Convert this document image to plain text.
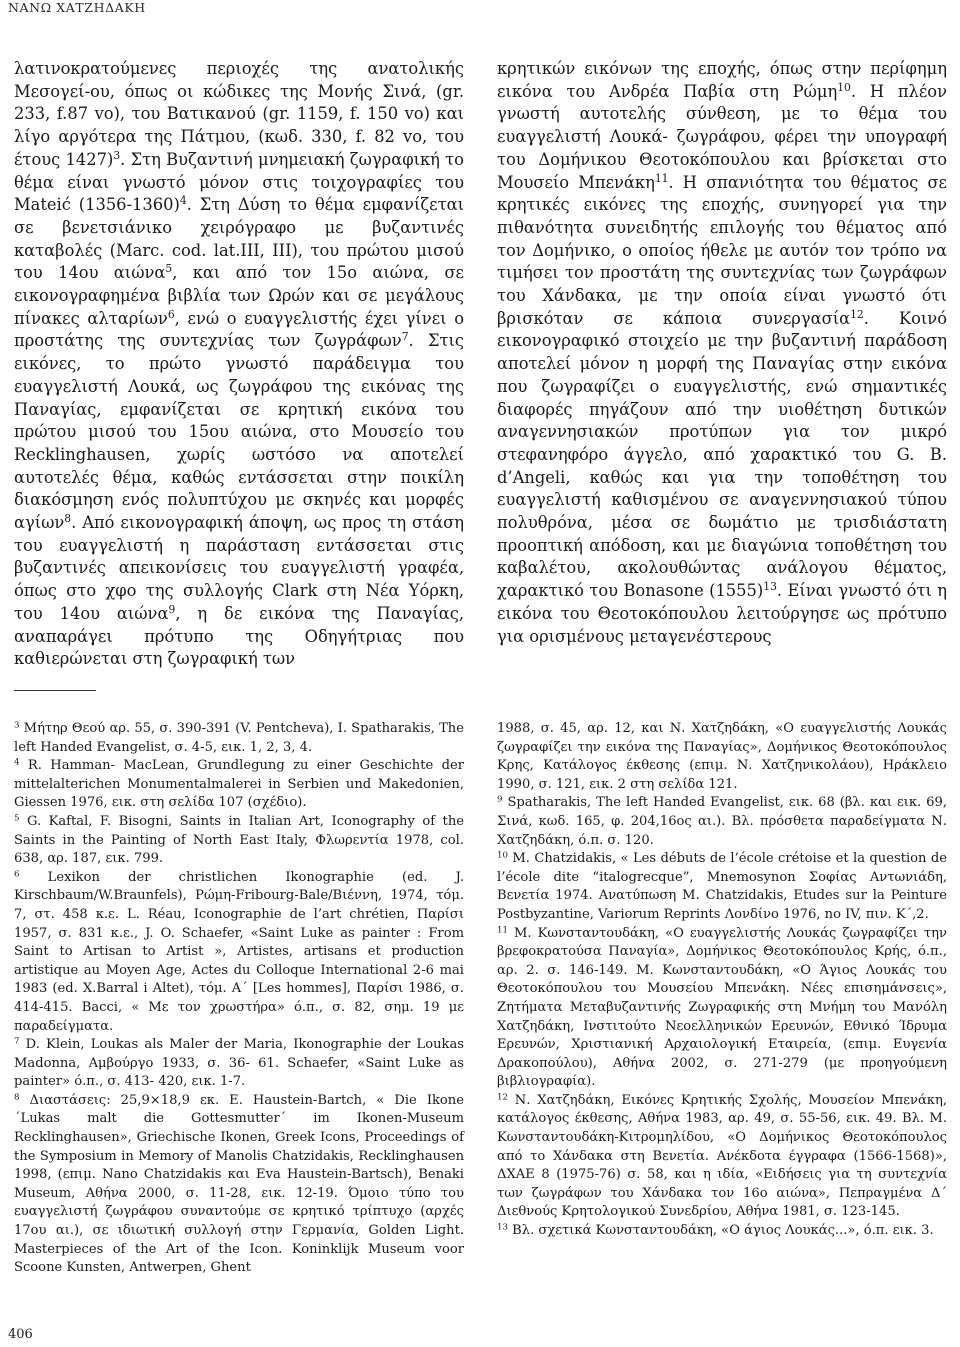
ΝΑΝΩ ΧΑΤΖΗΔΑΚΗ

λατινοκρατούμενες περιοχές της ανατολικής Μεσογεί-ου, όπως οι κώδικες της Μονής Σινά, (gr. 233, f.87 vo), του Βατικανού (gr. 1159, f. 150 vo) και λίγο αργότερα της Πάτμου, (κωδ. 330, f. 82 vo, του έτους 1427)$^3$. Στη Βυζαντινή μνημειακή ζωγραφική το θέμα είναι γνωστό μόνον στις τοιχογραφίες του Mateić (1356-1360)$^4$. Στη Δύση το θέμα εμφανίζεται σε βενετσιάνικο χειρόγραφο με βυζαντινές καταβολές (Marc. cod. lat.III, III), του πρώτου μισού του 14ου αιώνα$^5$, και από τον 15ο αιώνα, σε εικονογραφημένα βιβλία των Ωρών και σε μεγάλους πίνακες αλταρίων$^6$, ενώ ο ευαγγελιστής έχει γίνει ο προστάτης της συντεχνίας των ζωγράφων$^7$. Στις εικόνες, το πρώτο γνωστό παράδειγμα του ευαγγελιστή Λουκά, ως ζωγράφου της εικόνας της Παναγίας, εμφανίζεται σε κρητική εικόνα του πρώτου μισού του 15ου αιώνα, στο Μουσείο του Recklinghausen, χωρίς ωστόσο να αποτελεί αυτοτελές θέμα, καθώς εντάσσεται στην ποικίλη διακόσμηση ενός πολυπτύχου με σκηνές και μορφές αγίων$^8$. Από εικονογραφική άποψη, ως προς τη στάση του ευαγγελιστή η παράσταση εντάσσεται στις βυζαντινές απεικονίσεις του ευαγγελιστή γραφέα, όπως στο χφο της συλλογής Clark στη Νέα Υόρκη, του 14ου αιώνα$^9$, η δε εικόνα της Παναγίας, αναπαράγει πρότυπο της Οδηγήτριας που καθιερώνεται στη ζωγραφική των

κρητικών εικόνων της εποχής, όπως στην περίφημη εικόνα του Ανδρέα Παβία στη Ρώμη$^{10}$. Η πλέον γνωστή αυτοτελής σύνθεση, με το θέμα του ευαγγελιστή Λουκά- ζωγράφου, φέρει την υπογραφή του Δομήνικου Θεοτοκόπουλου και βρίσκεται στο Μουσείο Μπενάκη$^{11}$. Η σπανιότητα του θέματος σε κρητικές εικόνες της εποχής, συνηγορεί για την πιθανότητα συνειδητής επιλογής του θέματος από τον Δομήνικο, ο οποίος ήθελε με αυτόν τον τρόπο να τιμήσει τον προστάτη της συντεχνίας των ζωγράφων του Χάνδακα, με την οποία είναι γνωστό ότι βρισκόταν σε κάποια συνεργασία$^{12}$. Κοινό εικονογραφικό στοιχείο με την βυζαντινή παράδοση αποτελεί μόνον η μορφή της Παναγίας στην εικόνα που ζωγραφίζει ο ευαγγελιστής, ενώ σημαντικές διαφορές πηγάζουν από την υιοθέτηση δυτικών αναγεννησιακών προτύπων για τον μικρό στεφανηφόρο άγγελο, από χαρακτικό του G. B. d’Angeli, καθώς και για την τοποθέτηση του ευαγγελιστή καθισμένου σε αναγεννησιακού τύπου πολυθρόνα, μέσα σε δωμάτιο με τρισδιάστατη προοπτική απόδοση, και με διαγώνια τοποθέτηση του καβαλέτου, ακολουθώντας ανάλογου θέματος, χαρακτικό του Bonasone $(1555)^{13}$. Είναι γνωστό ότι η εικόνα του Θεοτοκόπουλου λειτούργησε ως πρότυπο για ορισμένους μεταγενέστερους

$^3$ Μήτηρ Θεού αρ. 55, σ. 390-391 (V. Pentcheva), I. Spatharakis, The left Handed Evangelist, σ. 4-5, εικ. 1, 2, 3, 4.

$^4$ R. Hamman- MacLean, Grundlegung zu einer Geschichte der mittelalterichen Monumentalmalerei in Serbien und Makedonien, Giessen 1976, εικ. στη σελίδα 107 (σχέδιο).

$^5$ G. Kaftal, F. Bisogni, Saints in Italian Art, Iconography of the Saints in the Painting of North East Italy, Φλωρεντία 1978, col. 638, αρ. 187, εικ. 799.

$^6$ Lexikon der christlichen Ikonographie (ed. J. Kirschbaum/W.Braunfels), Ρώμη-Fribourg-Bale/Βιέννη, 1974, τόμ. 7, στ. 458 κ.ε. L. Réau, Iconographie de l’art chrétien, Παρίσι 1957, σ. 831 κ.ε., J. O. Schaefer, «Saint Luke as painter : From Saint to Artisan to Artist », Artistes, artisans et production artistique au Moyen Age, Actes du Colloque International 2-6 mai 1983 (ed. X.Barral i Altet), τόμ. Α΄ [Les hommes], Παρίσι 1986, σ. 414-415. Bacci, « Με τον χρωστήρα» ό.π., σ. 82, σημ. 19 με παραδείγματα.

$^7$ D. Klein, Loukas als Maler der Maria, Ikonographie der Loukas Madonna, Αμβούργο 1933, σ. 36- 61. Schaefer, «Saint Luke as painter» ό.π., σ. 413- 420, εικ. 1-7.

$^8$ Διαστάσεις: 25,9×18,9 εκ. E. Haustein-Bartch, « Die Ikone ΄Lukas malt die Gottesmutter΄ im Ikonen-Museum Recklinghausen», Griechische Ikonen, Greek Icons, Proceedings of the Symposium in Memory of Manolis Chatzidakis, Recklinghausen 1998, (επιμ. Nano Chatzidakis και Eva Haustein-Bartsch), Benaki Museum, Αθήνα 2000, σ. 11-28, εικ. 12-19. Όμοιο τύπο του ευαγγελιστή ζωγράφου συναντούμε σε κρητικό τρίπτυχο (αρχές 17ου αι.), σε ιδιωτική συλλογή στην Γερμανία, Golden Light. Masterpieces of the Art of the Icon. Koninklijk Museum voor Scoone Kunsten, Antwerpen, Ghent

1988, σ. 45, αρ. 12, και Ν. Χατζηδάκη, «Ο ευαγγελιστής Λουκάς ζωγραφίζει την εικόνα της Παναγίας», Δομήνικος Θεοτοκόπουλος Κρης, Κατάλογος έκθεσης (επιμ. Ν. Χατζηνικολάου), Ηράκλειο 1990, σ. 121, εικ. 2 στη σελίδα 121.

$^9$ Spatharakis, The left Handed Evangelist, εικ. 68 (βλ. και εικ. 69, Σινά, κωδ. 165, φ. 204,16ος αι.). Βλ. πρόσθετα παραδείγματα Ν. Χατζηδάκη, ό.π. σ. 120.

$^{10}$ M. Chatzidakis, « Les débuts de l’école crétoise et la question de l’école dite “italogrecque”, Mnemosynon Σοφίας Αντωνιάδη, Βενετία 1974. Ανατύπωση M. Chatzidakis, Etudes sur la Peinture Postbyzantine, Variorum Reprints Λονδίνο 1976, no IV, πιν. Κ΄,2.

$^{11}$ Μ. Κωνσταντουδάκη, «Ο ευαγγελιστής Λουκάς ζωγραφίζει την βρεφοκρατούσα Παναγία», Δομήνικος Θεοτοκόπουλος Κρής, ό.π., αρ. 2. σ. 146-149. Μ. Κωνσταντουδάκη, «Ο Άγιος Λουκάς του Θεοτοκόπουλου του Μουσείου Μπενάκη. Νέες επισημάνσεις», Ζητήματα Μεταβυζαντινής Ζωγραφικής στη Μνήμη του Μανόλη Χατζηδάκη, Ινστιτούτο Νεοελληνικών Ερευνών, Εθνικό Ίδρυμα Ερευνών, Χριστιανική Αρχαιολογική Εταιρεία, (επιμ. Ευγενία Δρακοπούλου), Αθήνα 2002, σ. 271-279 (με προηγούμενη βιβλιογραφία).

$^{12}$ Ν. Χατζηδάκη, Εικόνες Κρητικής Σχολής, Μουσείον Μπενάκη, κατάλογος έκθεσης, Αθήνα 1983, αρ. 49, σ. 55-56, εικ. 49. Βλ. Μ. Κωνσταντουδάκη-Κιτρομηλίδου, «Ο Δομήνικος Θεοτοκόπουλος από το Χάνδακα στη Βενετία. Ανέκδοτα έγγραφα (1566-1568)», ΔΧΑΕ 8 (1975-76) σ. 58, και η ιδία, «Ειδήσεις για τη συντεχνία των ζωγράφων του Χάνδακα τον 16ο αιώνα», Πεπραγμένα Δ΄ Διεθνούς Κρητολογικού Συνεδρίου, Αθήνα 1981, σ. 123-145.

$^{13}$ Βλ. σχετικά Κωνσταντουδάκη, «Ο άγιος Λουκάς...», ό.π. εικ. 3.

406
